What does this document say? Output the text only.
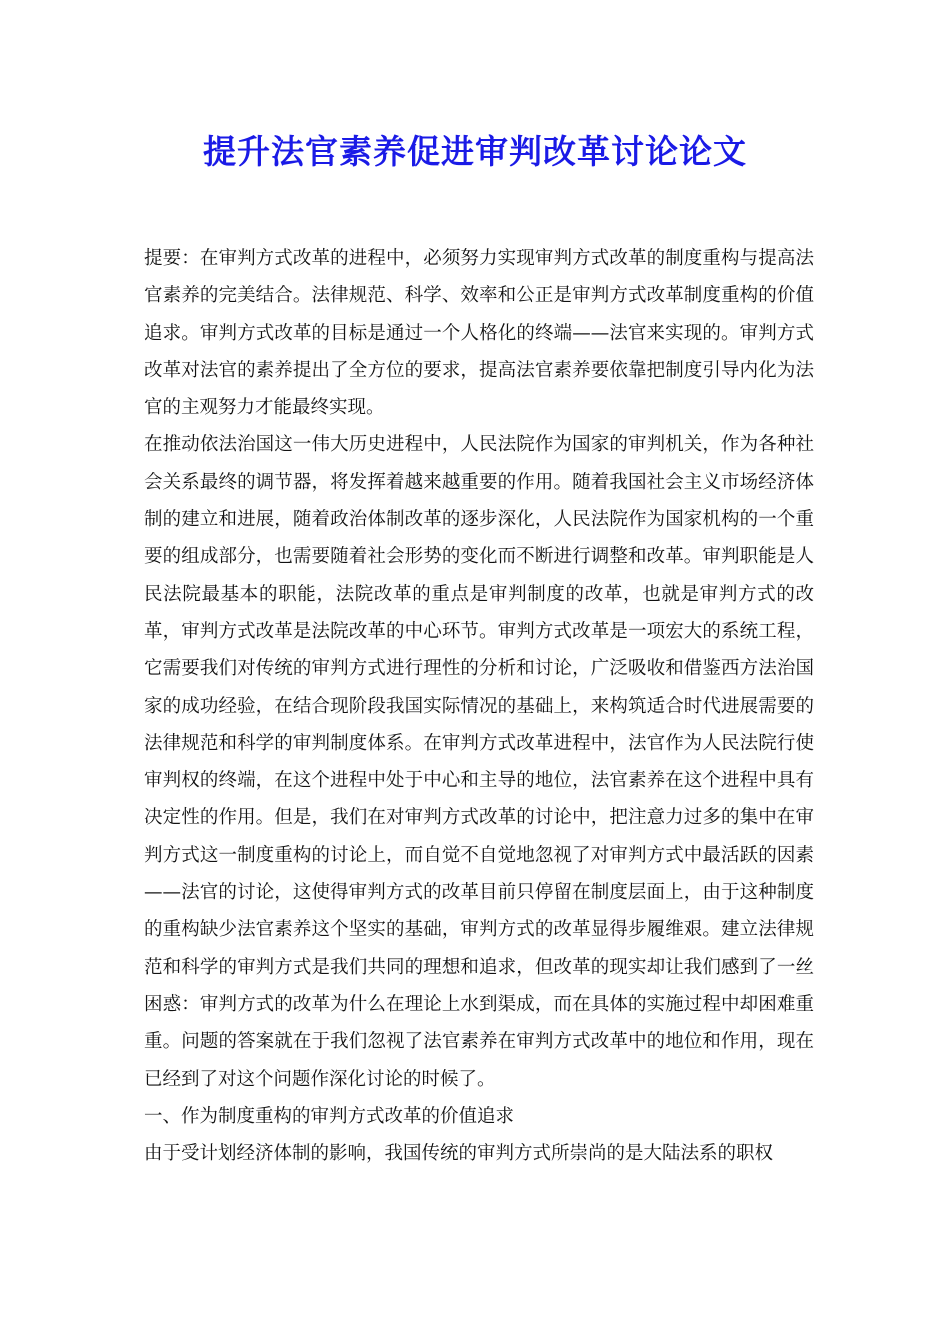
提升法官素养促进审判改革讨论论文

提要：在审判方式改革的进程中，必须努力实现审判方式改革的制度重构与提高法官素养的完美结合。法律规范、科学、效率和公正是审判方式改革制度重构的价值追求。审判方式改革的目标是通过一个人格化的终端——法官来实现的。审判方式改革对法官的素养提出了全方位的要求，提高法官素养要依靠把制度引导内化为法官的主观努力才能最终实现。

在推动依法治国这一伟大历史进程中，人民法院作为国家的审判机关，作为各种社会关系最终的调节器，将发挥着越来越重要的作用。随着我国社会主义市场经济体制的建立和进展，随着政治体制改革的逐步深化，人民法院作为国家机构的一个重要的组成部分，也需要随着社会形势的变化而不断进行调整和改革。审判职能是人民法院最基本的职能，法院改革的重点是审判制度的改革，也就是审判方式的改革，审判方式改革是法院改革的中心环节。审判方式改革是一项宏大的系统工程，它需要我们对传统的审判方式进行理性的分析和讨论，广泛吸收和借鉴西方法治国家的成功经验，在结合现阶段我国实际情况的基础上，来构筑适合时代进展需要的法律规范和科学的审判制度体系。在审判方式改革进程中，法官作为人民法院行使审判权的终端，在这个进程中处于中心和主导的地位，法官素养在这个进程中具有决定性的作用。但是，我们在对审判方式改革的讨论中，把注意力过多的集中在审判方式这一制度重构的讨论上，而自觉不自觉地忽视了对审判方式中最活跃的因素——法官的讨论，这使得审判方式的改革目前只停留在制度层面上，由于这种制度的重构缺少法官素养这个坚实的基础，审判方式的改革显得步履维艰。建立法律规范和科学的审判方式是我们共同的理想和追求，但改革的现实却让我们感到了一丝困惑：审判方式的改革为什么在理论上水到渠成，而在具体的实施过程中却困难重重。问题的答案就在于我们忽视了法官素养在审判方式改革中的地位和作用，现在已经到了对这个问题作深化讨论的时候了。

一、作为制度重构的审判方式改革的价值追求

由于受计划经济体制的影响，我国传统的审判方式所崇尚的是大陆法系的职权
